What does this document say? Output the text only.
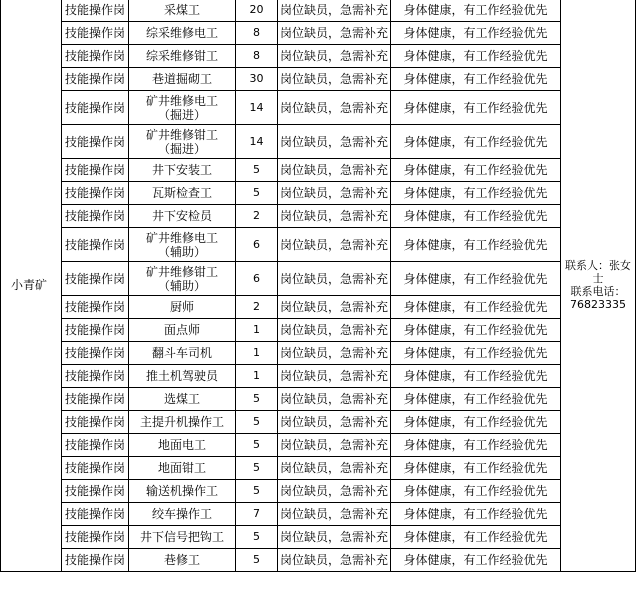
小青矿	技能操作岗	采煤工	20	岗位缺员，急需补充	身体健康，有工作经验优先	联系人：张女士
联系电话：
76823335

	技能操作岗	综采维修电工	8	岗位缺员，急需补充	身体健康，有工作经验优先	
	技能操作岗	综采维修钳工	8	岗位缺员，急需补充	身体健康，有工作经验优先	
	技能操作岗	巷道掘砌工	30	岗位缺员，急需补充	身体健康，有工作经验优先	
	技能操作岗	矿井维修电工
（掘进）	14	岗位缺员，急需补充	身体健康，有工作经验优先	
	技能操作岗	矿井维修钳工
（掘进）	14	岗位缺员，急需补充	身体健康，有工作经验优先	
	技能操作岗	井下安装工	5	岗位缺员，急需补充	身体健康，有工作经验优先	
	技能操作岗	瓦斯检查工	5	岗位缺员，急需补充	身体健康，有工作经验优先	
	技能操作岗	井下安检员	2	岗位缺员，急需补充	身体健康，有工作经验优先	
	技能操作岗	矿井维修电工
（辅助）	6	岗位缺员，急需补充	身体健康，有工作经验优先	
	技能操作岗	矿井维修钳工
（辅助）	6	岗位缺员，急需补充	身体健康，有工作经验优先	
	技能操作岗	厨师	2	岗位缺员，急需补充	身体健康，有工作经验优先	
	技能操作岗	面点师	1	岗位缺员，急需补充	身体健康，有工作经验优先	
	技能操作岗	翻斗车司机	1	岗位缺员，急需补充	身体健康，有工作经验优先	
	技能操作岗	推土机驾驶员	1	岗位缺员，急需补充	身体健康，有工作经验优先	
	技能操作岗	选煤工	5	岗位缺员，急需补充	身体健康，有工作经验优先	
	技能操作岗	主提升机操作工	5	岗位缺员，急需补充	身体健康，有工作经验优先	
	技能操作岗	地面电工	5	岗位缺员，急需补充	身体健康，有工作经验优先	
	技能操作岗	地面钳工	5	岗位缺员，急需补充	身体健康，有工作经验优先	
	技能操作岗	输送机操作工	5	岗位缺员，急需补充	身体健康，有工作经验优先	
	技能操作岗	绞车操作工	7	岗位缺员，急需补充	身体健康，有工作经验优先	
	技能操作岗	井下信号把钩工	5	岗位缺员，急需补充	身体健康，有工作经验优先	
	技能操作岗	巷修工	5	岗位缺员，急需补充	身体健康，有工作经验优先	
